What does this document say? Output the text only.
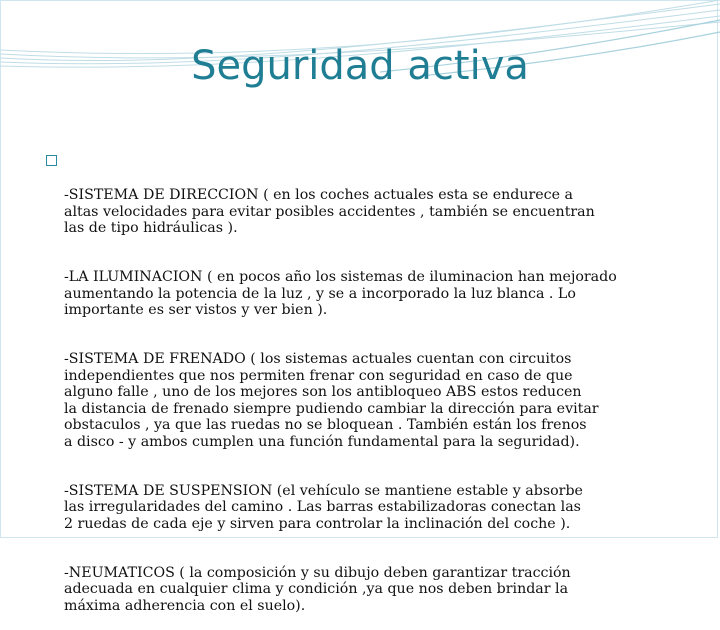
Seguridad activa

-SISTEMA DE DIRECCION ( en los coches actuales esta se endurece a
altas velocidades para evitar posibles accidentes , también se encuentran
las de tipo hidráulicas ).

-LA ILUMINACION ( en pocos año los sistemas de iluminacion han mejorado
aumentando la potencia de la luz , y se a incorporado la luz blanca . Lo
importante es ser vistos y ver bien ).

-SISTEMA DE FRENADO ( los sistemas actuales cuentan con circuitos
independientes que nos permiten frenar con seguridad en caso de que
alguno falle , uno de los mejores son los antibloqueo ABS estos reducen
la distancia de frenado siempre pudiendo cambiar la dirección para evitar
obstaculos , ya que las ruedas no se bloquean . También están los frenos
a disco - y ambos cumplen una función fundamental para la seguridad).

-SISTEMA DE SUSPENSION (el vehículo se mantiene estable y absorbe
las irregularidades del camino . Las barras estabilizadoras conectan las
2 ruedas de cada eje y sirven para controlar la inclinación del coche ).

-NEUMATICOS ( la composición y su dibujo deben garantizar tracción
adecuada en cualquier clima y condición ,ya que nos deben brindar la
máxima adherencia con el suelo).
